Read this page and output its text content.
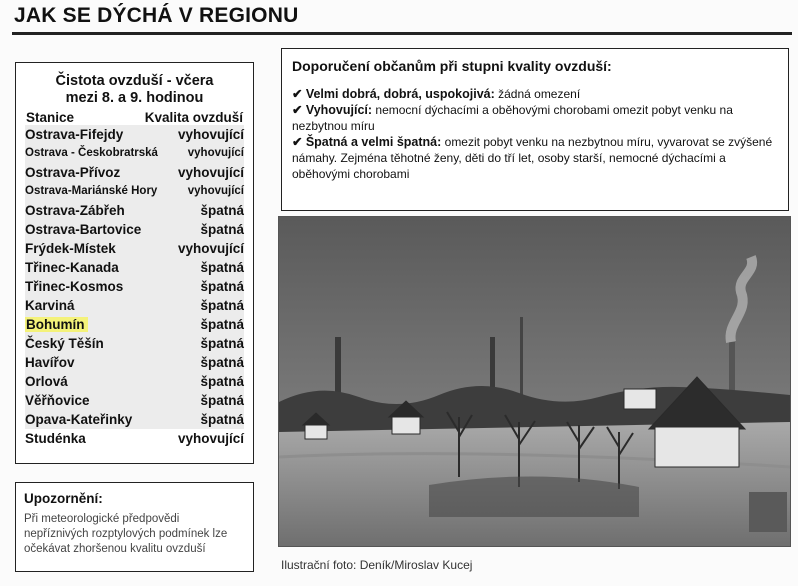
JAK SE DÝCHÁ V REGIONU
Čistota ovzduší - včera
mezi 8. a 9. hodinou
Stanice	Kvalita ovzduší
Ostrava-Fifejdy	vyhovující
Ostrava - Českobratrská	vyhovující
Ostrava-Přívoz	vyhovující
Ostrava-Mariánské Hory	vyhovující
Ostrava-Zábřeh	špatná
Ostrava-Bartovice	špatná
Frýdek-Místek	vyhovující
Třinec-Kanada	špatná
Třinec-Kosmos	špatná
Karviná	špatná
Bohumín	špatná
Český Těšín	špatná
Havířov	špatná
Orlová	špatná
Věřňovice	špatná
Opava-Kateřinky	špatná
Studénka	vyhovující
Upozornění:
Při meteorologické předpovědi nepříznivých rozptylových podmínek lze očekávat zhoršenou kvalitu ovzduší
Doporučení občanům při stupni kvality ovzduší:
✔ Velmi dobrá, dobrá, uspokojivá: žádná omezení
✔ Vyhovující: nemocní dýchacími a oběhovými chorobami omezit pobyt venku na nezbytnou míru
✔ Špatná a velmi špatná: omezit pobyt venku na nezbytnou míru, vyvarovat se zvýšené námahy. Zejména těhotné ženy, děti do tří let, osoby starší, nemocné dýchacími a oběhovými chorobami
Ilustrační foto: Deník/Miroslav Kucej
